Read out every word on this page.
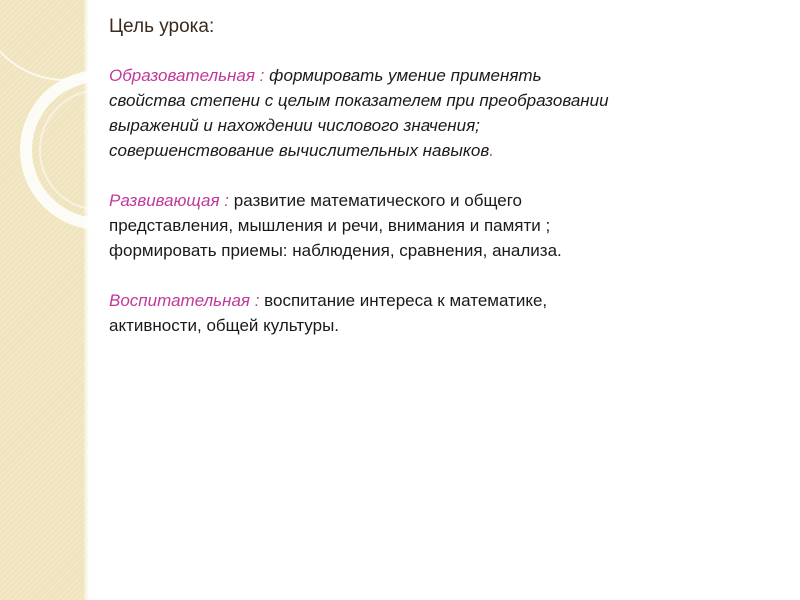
Цель урока:

Образовательная : формировать умение применять

свойства степени с целым показателем при преобразовании

выражений и нахождении числового значения;

совершенствование вычислительных навыков.

Развивающая : развитие математического и общего

представления, мышления и речи, внимания и памяти ;

формировать приемы: наблюдения, сравнения, анализа.

Воспитательная : воспитание интереса к математике,

активности, общей культуры.
